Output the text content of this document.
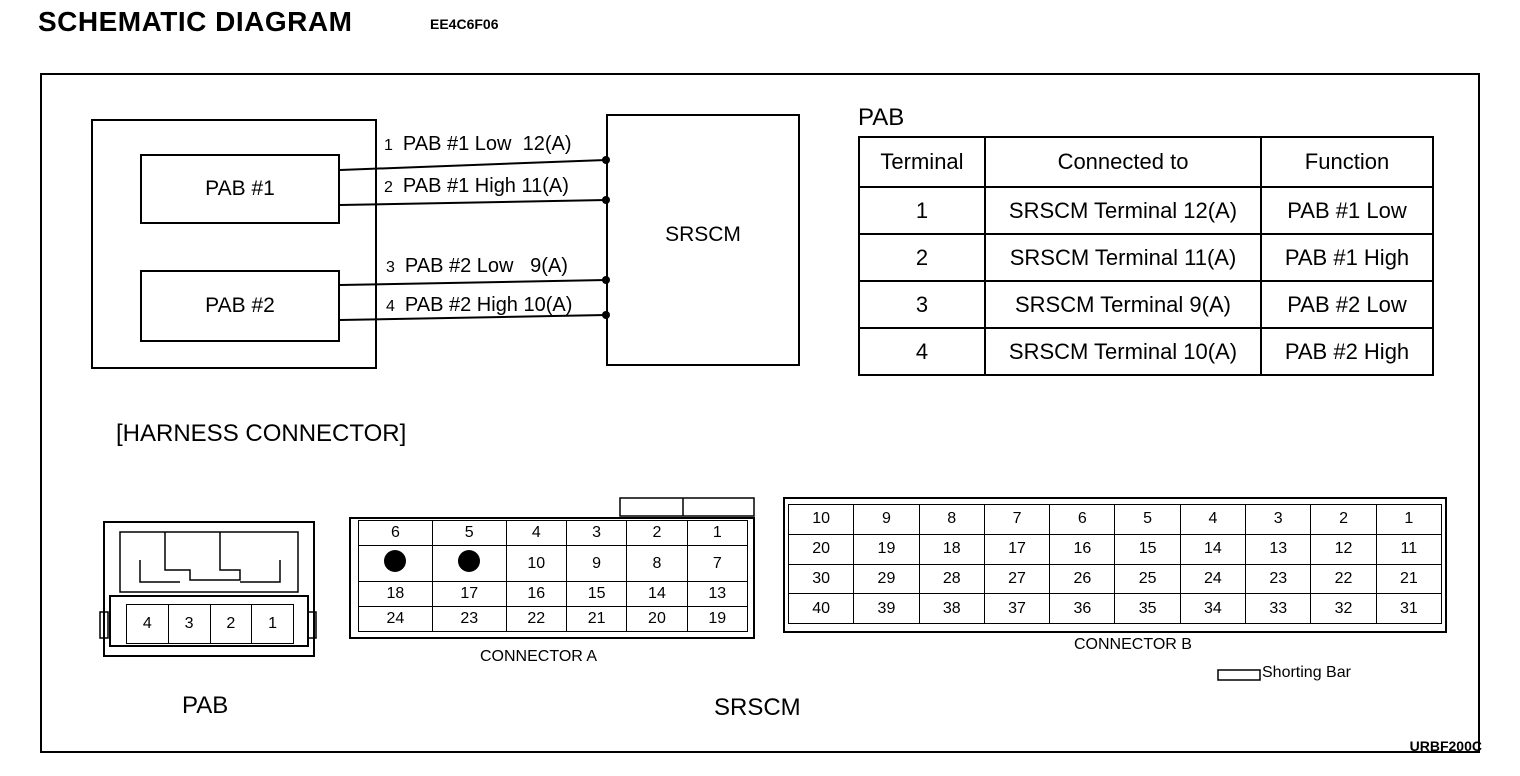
SCHEMATIC DIAGRAM	EE4C6F06
PAB #1
PAB #2
SRSCM
1 PAB #1 Low  12(A)
2 PAB #1 High 11(A)
3 PAB #2 Low   9(A)
4 PAB #2 High 10(A)
PAB
Terminal	Connected to	Function
1	SRSCM Terminal 12(A)	PAB #1 Low
2	SRSCM Terminal 11(A)	PAB #1 High
3	SRSCM Terminal 9(A)	PAB #2 Low
4	SRSCM Terminal 10(A)	PAB #2 High
[HARNESS CONNECTOR]
4	3	2	1
PAB
6	5	4	3	2	1
		10	9	8	7
18	17	16	15	14	13
24	23	22	21	20	19
CONNECTOR A
10	9	8	7	6	5	4	3	2	1
20	19	18	17	16	15	14	13	12	11
30	29	28	27	26	25	24	23	22	21
40	39	38	37	36	35	34	33	32	31
CONNECTOR B
Shorting Bar
SRSCM
URBF200C
